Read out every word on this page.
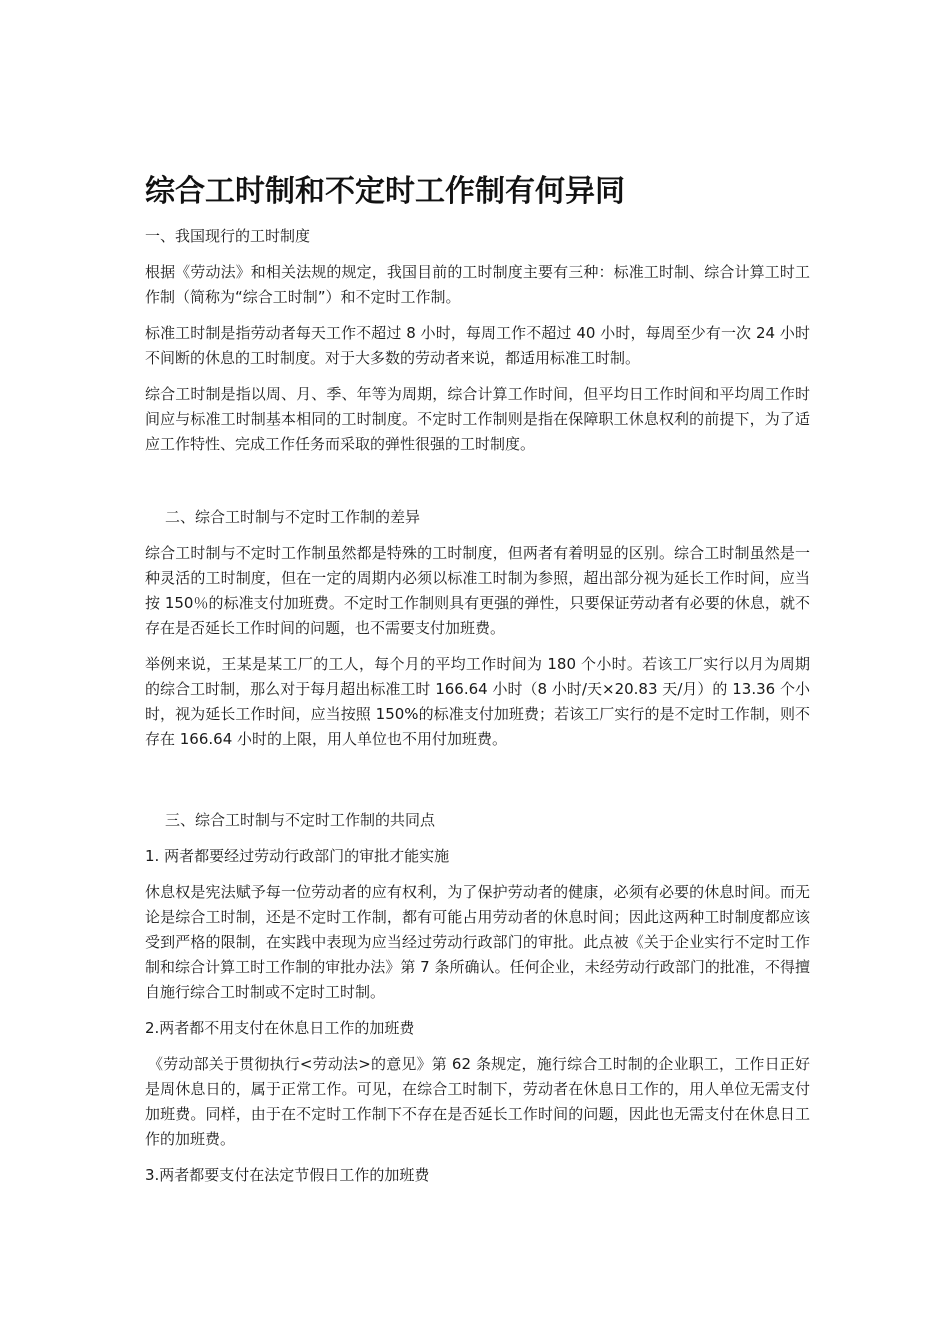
综合工时制和不定时工作制有何异同
一、我国现行的工时制度
根据《劳动法》和相关法规的规定，我国目前的工时制度主要有三种：标准工时制、综合计算工时工作制（简称为“综合工时制”）和不定时工作制。
标准工时制是指劳动者每天工作不超过 8 小时，每周工作不超过 40 小时，每周至少有一次 24 小时不间断的休息的工时制度。对于大多数的劳动者来说，都适用标准工时制。
综合工时制是指以周、月、季、年等为周期，综合计算工作时间，但平均日工作时间和平均周工作时间应与标准工时制基本相同的工时制度。不定时工作制则是指在保障职工休息权利的前提下，为了适应工作特性、完成工作任务而采取的弹性很强的工时制度。
二、综合工时制与不定时工作制的差异
综合工时制与不定时工作制虽然都是特殊的工时制度，但两者有着明显的区别。综合工时制虽然是一种灵活的工时制度，但在一定的周期内必须以标准工时制为参照，超出部分视为延长工作时间，应当按 150％的标准支付加班费。不定时工作制则具有更强的弹性，只要保证劳动者有必要的休息，就不存在是否延长工作时间的问题，也不需要支付加班费。
举例来说，王某是某工厂的工人，每个月的平均工作时间为 180 个小时。若该工厂实行以月为周期的综合工时制，那么对于每月超出标准工时 166.64 小时（8 小时/天×20.83 天/月）的 13.36 个小时，视为延长工作时间，应当按照 150%的标准支付加班费；若该工厂实行的是不定时工作制，则不存在 166.64 小时的上限，用人单位也不用付加班费。
三、综合工时制与不定时工作制的共同点
1. 两者都要经过劳动行政部门的审批才能实施
休息权是宪法赋予每一位劳动者的应有权利，为了保护劳动者的健康，必须有必要的休息时间。而无论是综合工时制，还是不定时工作制，都有可能占用劳动者的休息时间；因此这两种工时制度都应该受到严格的限制，在实践中表现为应当经过劳动行政部门的审批。此点被《关于企业实行不定时工作制和综合计算工时工作制的审批办法》第 7 条所确认。任何企业，未经劳动行政部门的批准，不得擅自施行综合工时制或不定时工时制。
2.两者都不用支付在休息日工作的加班费
《劳动部关于贯彻执行<劳动法>的意见》第 62 条规定，施行综合工时制的企业职工，工作日正好是周休息日的，属于正常工作。可见，在综合工时制下，劳动者在休息日工作的，用人单位无需支付加班费。同样，由于在不定时工作制下不存在是否延长工作时间的问题，因此也无需支付在休息日工作的加班费。
3.两者都要支付在法定节假日工作的加班费
